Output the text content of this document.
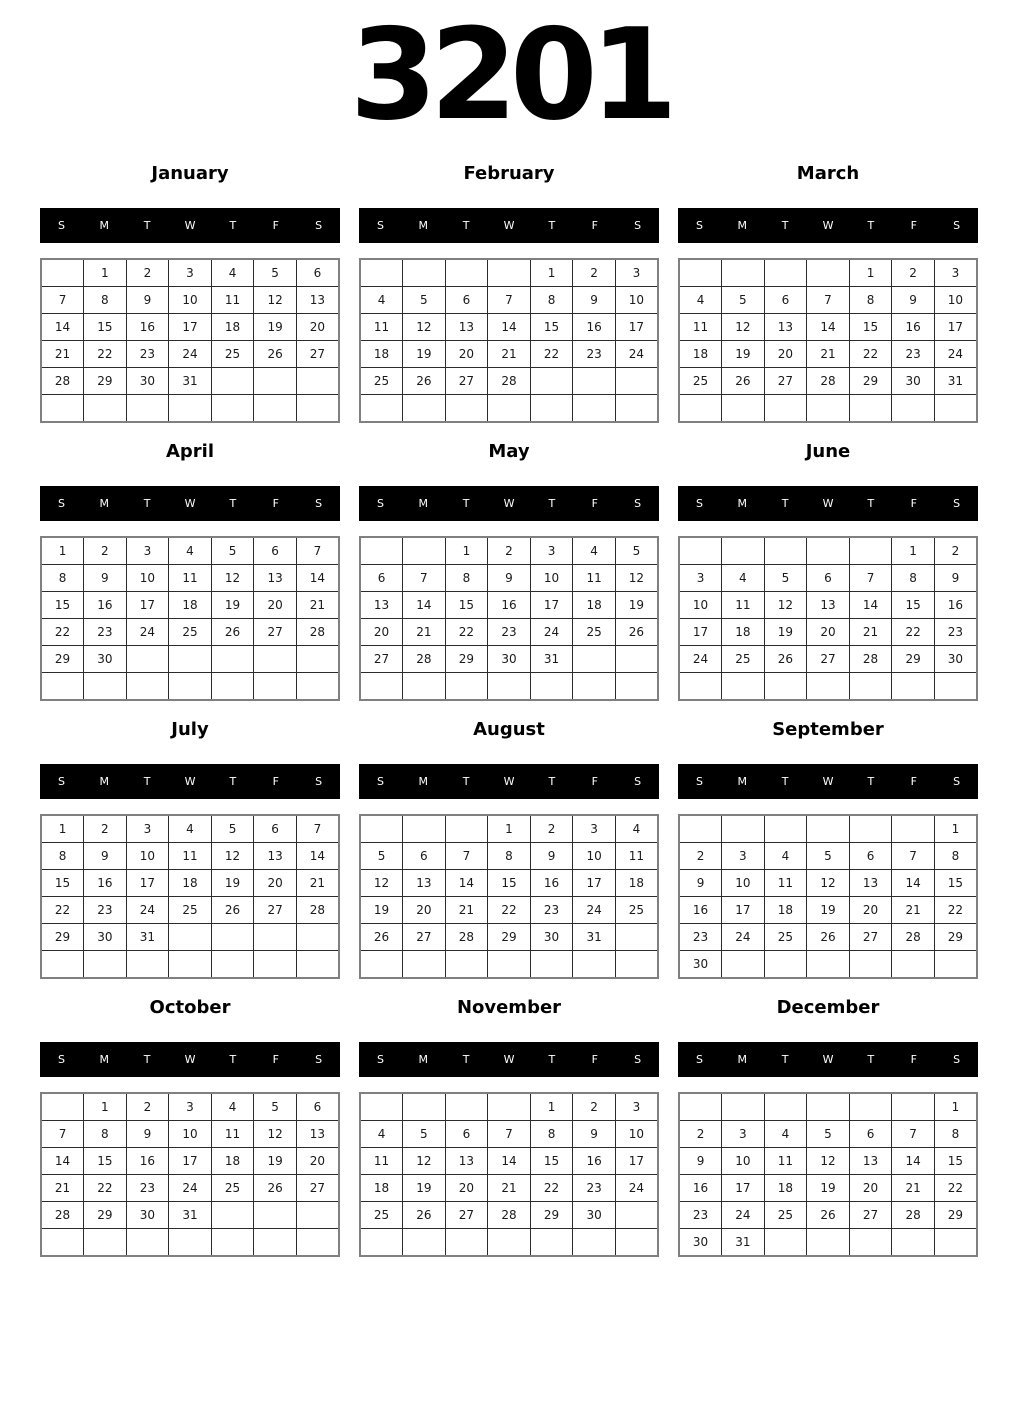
3201
January
S	M	T	W	T	F	S
	1	2	3	4	5	6
7	8	9	10	11	12	13
14	15	16	17	18	19	20
21	22	23	24	25	26	27
28	29	30	31			

February
S	M	T	W	T	F	S
				1	2	3
4	5	6	7	8	9	10
11	12	13	14	15	16	17
18	19	20	21	22	23	24
25	26	27	28			

March
S	M	T	W	T	F	S
				1	2	3
4	5	6	7	8	9	10
11	12	13	14	15	16	17
18	19	20	21	22	23	24
25	26	27	28	29	30	31

April
S	M	T	W	T	F	S
1	2	3	4	5	6	7
8	9	10	11	12	13	14
15	16	17	18	19	20	21
22	23	24	25	26	27	28
29	30					

May
S	M	T	W	T	F	S
		1	2	3	4	5
6	7	8	9	10	11	12
13	14	15	16	17	18	19
20	21	22	23	24	25	26
27	28	29	30	31		

June
S	M	T	W	T	F	S
					1	2
3	4	5	6	7	8	9
10	11	12	13	14	15	16
17	18	19	20	21	22	23
24	25	26	27	28	29	30

July
S	M	T	W	T	F	S
1	2	3	4	5	6	7
8	9	10	11	12	13	14
15	16	17	18	19	20	21
22	23	24	25	26	27	28
29	30	31				

August
S	M	T	W	T	F	S
			1	2	3	4
5	6	7	8	9	10	11
12	13	14	15	16	17	18
19	20	21	22	23	24	25
26	27	28	29	30	31	

September
S	M	T	W	T	F	S
						1
2	3	4	5	6	7	8
9	10	11	12	13	14	15
16	17	18	19	20	21	22
23	24	25	26	27	28	29
30						
October
S	M	T	W	T	F	S
	1	2	3	4	5	6
7	8	9	10	11	12	13
14	15	16	17	18	19	20
21	22	23	24	25	26	27
28	29	30	31			

November
S	M	T	W	T	F	S
				1	2	3
4	5	6	7	8	9	10
11	12	13	14	15	16	17
18	19	20	21	22	23	24
25	26	27	28	29	30	

December
S	M	T	W	T	F	S
						1
2	3	4	5	6	7	8
9	10	11	12	13	14	15
16	17	18	19	20	21	22
23	24	25	26	27	28	29
30	31					
